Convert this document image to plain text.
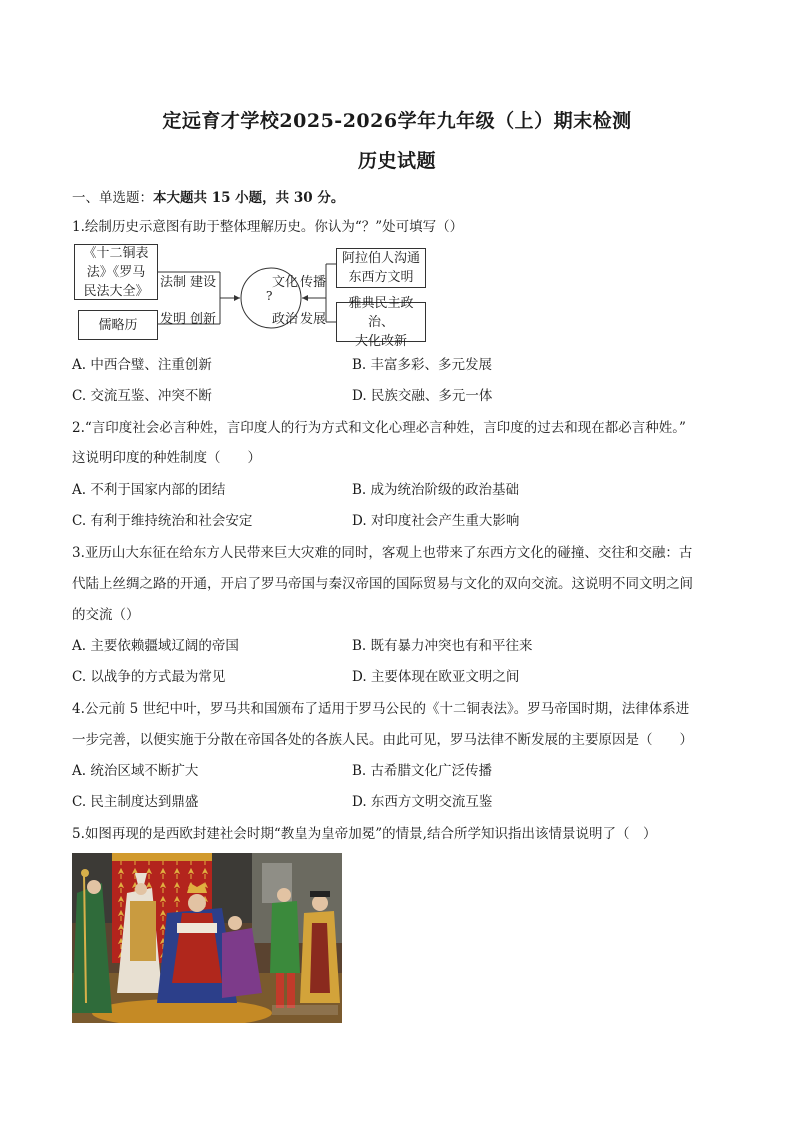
定远育才学校2025-2026学年九年级（上）期末检测
历史试题
一、单选题：本大题共 15 小题，共 30 分。
1.绘制历史示意图有助于整体理解历史。你认为“？”处可填写（）
《十二铜表
法》《罗马
民法大全》
儒略历
法制 建设
发明 创新
?
文化 传播
政治 发展
阿拉伯人沟通
东西方文明
雅典民主政治、
大化改新
A. 中西合璧、注重创新	B. 丰富多彩、多元发展
C. 交流互鉴、冲突不断	D. 民族交融、多元一体
2.“言印度社会必言种姓，言印度人的行为方式和文化心理必言种姓，言印度的过去和现在都必言种姓。”
这说明印度的种姓制度（　　）
A. 不利于国家内部的团结	B. 成为统治阶级的政治基础
C. 有利于维持统治和社会安定	D. 对印度社会产生重大影响
3.亚历山大东征在给东方人民带来巨大灾难的同时，客观上也带来了东西方文化的碰撞、交往和交融：古
代陆上丝绸之路的开通，开启了罗马帝国与秦汉帝国的国际贸易与文化的双向交流。这说明不同文明之间
的交流（）
A. 主要依赖疆域辽阔的帝国	B. 既有暴力冲突也有和平往来
C. 以战争的方式最为常见	D. 主要体现在欧亚文明之间
4.公元前 5 世纪中叶，罗马共和国颁布了适用于罗马公民的《十二铜表法》。罗马帝国时期，法律体系进
一步完善，以便实施于分散在帝国各处的各族人民。由此可见，罗马法律不断发展的主要原因是（　　）
A. 统治区域不断扩大	B. 古希腊文化广泛传播
C. 民主制度达到鼎盛	D. 东西方文明交流互鉴
5.如图再现的是西欧封建社会时期“教皇为皇帝加冕”的情景,结合所学知识指出该情景说明了（　）
